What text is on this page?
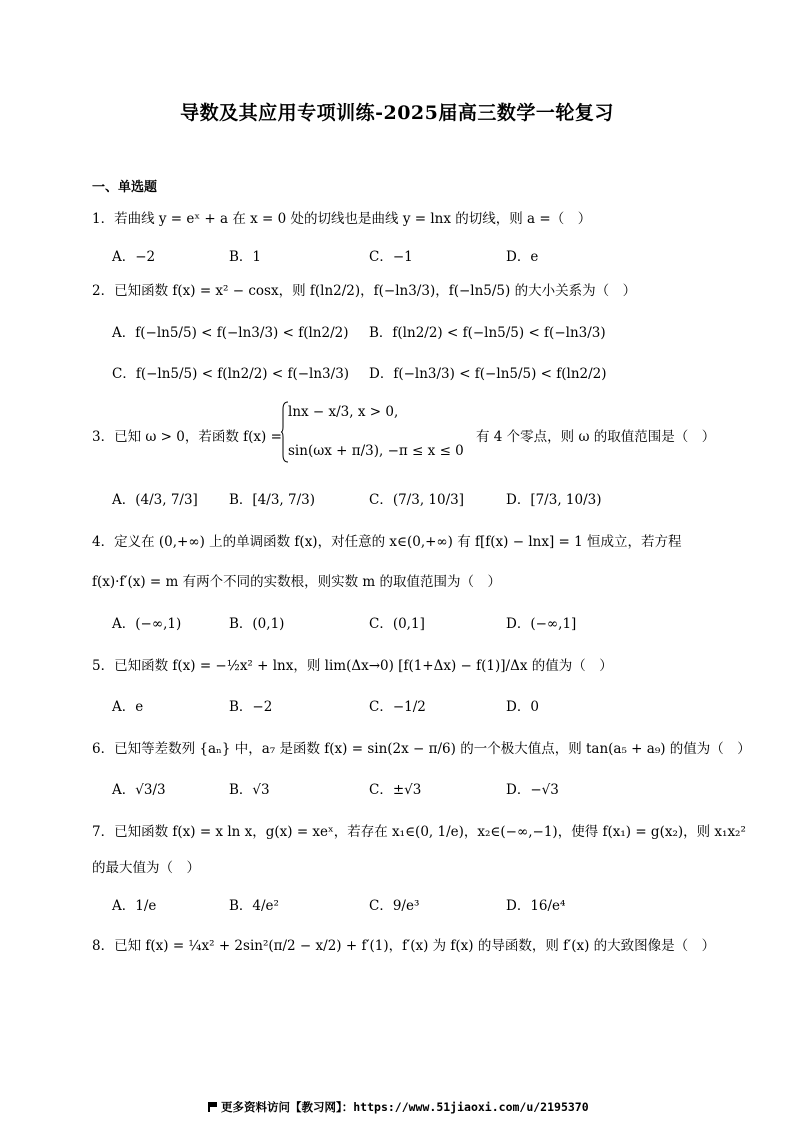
导数及其应用专项训练-2025届高三数学一轮复习
一、单选题
1．若曲线 y = eˣ + a 在 x = 0 处的切线也是曲线 y = lnx 的切线，则 a =（　）
A．−2	B．1	C．−1	D．e
2．已知函数 f(x) = x² − cosx，则 f(ln2/2)，f(−ln3/3)，f(−ln5/5) 的大小关系为（　）
A．f(−ln5/5) < f(−ln3/3) < f(ln2/2) B．f(ln2/2) < f(−ln5/5) < f(−ln3/3)
C．f(−ln5/5) < f(ln2/2) < f(−ln3/3) D．f(−ln3/3) < f(−ln5/5) < f(ln2/2)
3．已知 ω > 0，若函数 f(x) =
lnx − x/3, x > 0,
sin(ωx + π/3), −π ≤ x ≤ 0
有 4 个零点，则 ω 的取值范围是（　）
A．(4/3, 7/3] B．[4/3, 7/3)	C．(7/3, 10/3]	D．[7/3, 10/3)
4．定义在 (0,+∞) 上的单调函数 f(x)，对任意的 x∈(0,+∞) 有 f[f(x) − lnx] = 1 恒成立，若方程
f(x)·f′(x) = m 有两个不同的实数根，则实数 m 的取值范围为（　）
A．(−∞,1)	B．(0,1)	C．(0,1]	D．(−∞,1]
5．已知函数 f(x) = −½x² + lnx，则 lim(Δx→0) [f(1+Δx) − f(1)]/Δx 的值为（　）
A．e	B．−2	C．−1/2	D．0
6．已知等差数列 {aₙ} 中，a₇ 是函数 f(x) = sin(2x − π/6) 的一个极大值点，则 tan(a₅ + a₉) 的值为（　）
A．√3/3	B．√3	C．±√3	D．−√3
7．已知函数 f(x) = x ln x，g(x) = xeˣ，若存在 x₁∈(0, 1/e)，x₂∈(−∞,−1)，使得 f(x₁) = g(x₂)，则 x₁x₂²
的最大值为（　）
A．1/e	B．4/e²	C．9/e³	D．16/e⁴
8．已知 f(x) = ¼x² + 2sin²(π/2 − x/2) + f′(1)，f′(x) 为 f(x) 的导函数，则 f′(x) 的大致图像是（　）
更多资料访问【教习网】：https://www.51jiaoxi.com/u/2195370
